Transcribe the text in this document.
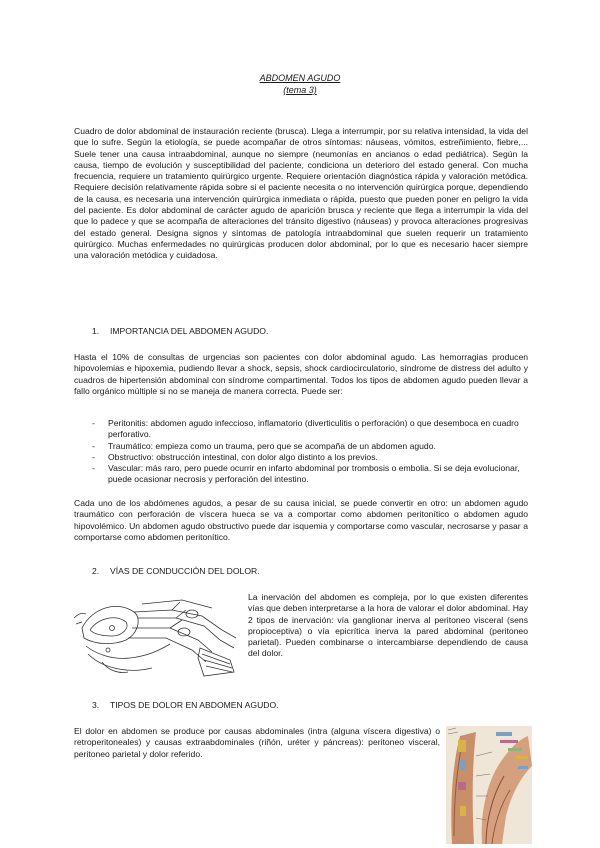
ABDOMEN AGUDO
(tema 3)

Cuadro de dolor abdominal de instauración reciente (brusca). Llega a interrumpir, por su relativa intensidad, la vida del que lo sufre. Según la etiología, se puede acompañar de otros síntomas: náuseas, vómitos, estreñimiento, fiebre,... Suele tener una causa intraabdominal, aunque no siempre (neumonías en ancianos o edad pediátrica). Según la causa, tiempo de evolución y susceptibilidad del paciente, condiciona un deterioro del estado general. Con mucha frecuencia, requiere un tratamiento quirúrgico urgente. Requiere orientación diagnóstica rápida y valoración metódica. Requiere decisión relativamente rápida sobre si el paciente necesita o no intervención quirúrgica porque, dependiendo de la causa, es necesaria una intervención quirúrgica inmediata o rápida, puesto que pueden poner en peligro la vida del paciente. Es dolor abdominal de carácter agudo de aparición brusca y reciente que llega a interrumpir la vida del que lo padece y que se acompaña de alteraciones del tránsito digestivo (náuseas) y provoca alteraciones progresivas del estado general. Designa signos y síntomas de patología intraabdominal que suelen requerir un tratamiento quirúrgico. Muchas enfermedades no quirúrgicas producen dolor abdominal, por lo que es necesario hacer siempre una valoración metódica y cuidadosa.

1. IMPORTANCIA DEL ABDOMEN AGUDO.

Hasta el 10% de consultas de urgencias son pacientes con dolor abdominal agudo. Las hemorragias producen hipovolemias e hipoxemia, pudiendo llevar a shock, sepsis, shock cardiocirculatorio, síndrome de distress del adulto y cuadros de hipertensión abdominal con síndrome compartimental. Todos los tipos de abdomen agudo pueden llevar a fallo orgánico múltiple si no se maneja de manera correcta. Puede ser:

- Peritonitis: abdomen agudo infeccioso, inflamatorio (diverticulitis o perforación) o que desemboca en cuadro perforativo.
- Traumático: empieza como un trauma, pero que se acompaña de un abdomen agudo.
- Obstructivo: obstrucción intestinal, con dolor algo distinto a los previos.
- Vascular: más raro, pero puede ocurrir en infarto abdominal por trombosis o embolia. Si se deja evolucionar, puede ocasionar necrosis y perforación del intestino.

Cada uno de los abdómenes agudos, a pesar de su causa inicial, se puede convertir en otro: un abdomen agudo traumático con perforación de víscera hueca se va a comportar como abdomen peritonítico o abdomen agudo hipovolémico. Un abdomen agudo obstructivo puede dar isquemia y comportarse como vascular, necrosarse y pasar a comportarse como abdomen peritonítico.

2. VÍAS DE CONDUCCIÓN DEL DOLOR.

La inervación del abdomen es compleja, por lo que existen diferentes vías que deben interpretarse a la hora de valorar el dolor abdominal. Hay 2 tipos de inervación: vía ganglionar inerva al peritoneo visceral (sens propioceptiva) o vía epicrítica inerva la pared abdominal (peritoneo parietal). Pueden combinarse o intercambiarse dependiendo de causa del dolor.

3. TIPOS DE DOLOR EN ABDOMEN AGUDO.

El dolor en abdomen se produce por causas abdominales (intra (alguna víscera digestiva) o retroperitoneales) y causas extraabdominales (riñón, uréter y páncreas): peritoneo visceral, peritoneo parietal y dolor referido.
